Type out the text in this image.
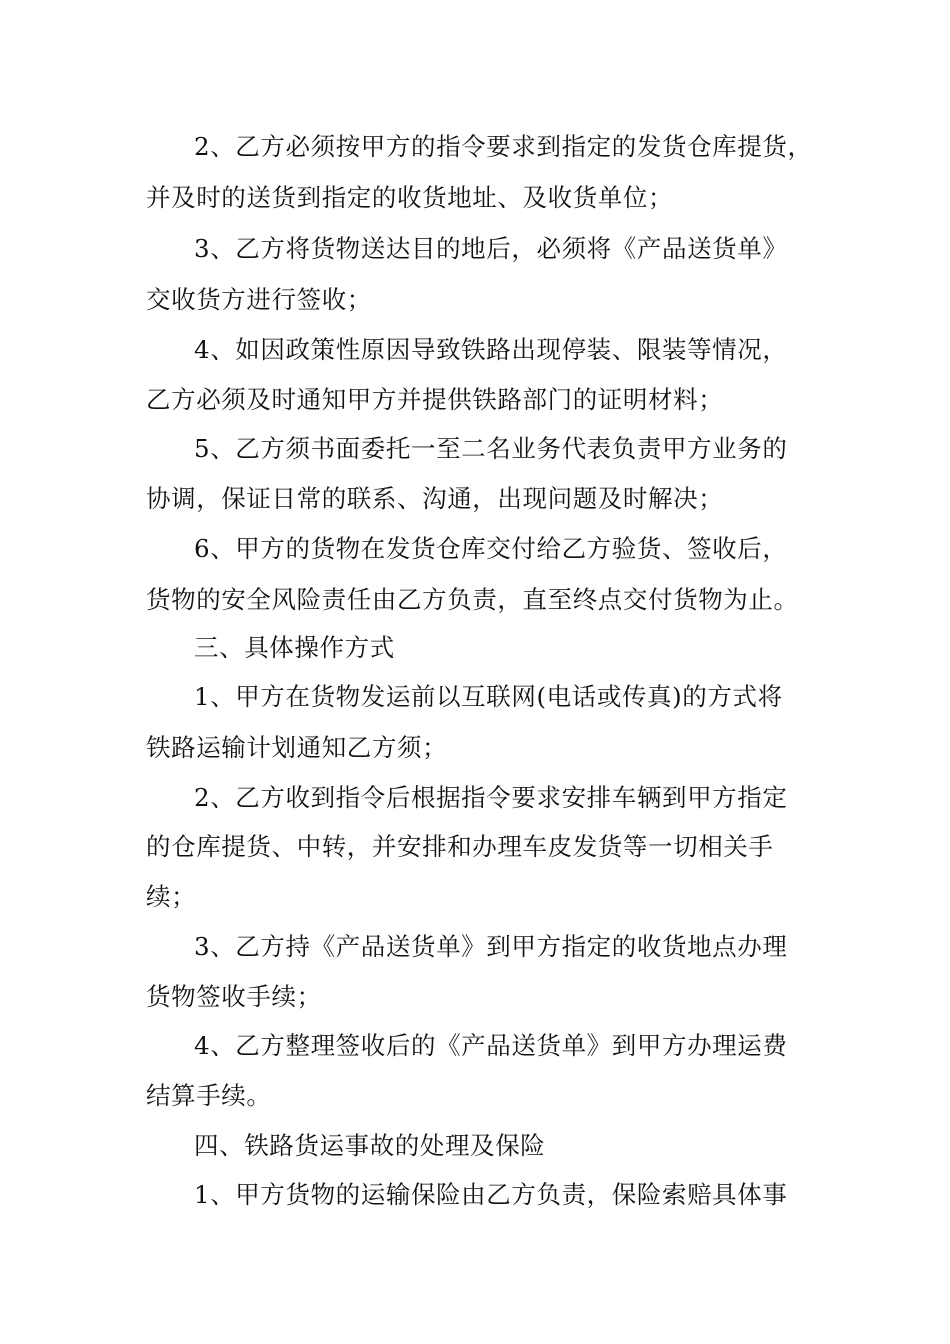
2、乙方必须按甲方的指令要求到指定的发货仓库提货，
并及时的送货到指定的收货地址、及收货单位；
3、乙方将货物送达目的地后，必须将《产品送货单》
交收货方进行签收；
4、如因政策性原因导致铁路出现停装、限装等情况，
乙方必须及时通知甲方并提供铁路部门的证明材料；
5、乙方须书面委托一至二名业务代表负责甲方业务的
协调，保证日常的联系、沟通，出现问题及时解决；
6、甲方的货物在发货仓库交付给乙方验货、签收后，
货物的安全风险责任由乙方负责，直至终点交付货物为止。
三、具体操作方式
1、甲方在货物发运前以互联网(电话或传真)的方式将
铁路运输计划通知乙方须；
2、乙方收到指令后根据指令要求安排车辆到甲方指定
的仓库提货、中转，并安排和办理车皮发货等一切相关手
续；
3、乙方持《产品送货单》到甲方指定的收货地点办理
货物签收手续；
4、乙方整理签收后的《产品送货单》到甲方办理运费
结算手续。
四、铁路货运事故的处理及保险
1、甲方货物的运输保险由乙方负责，保险索赔具体事
